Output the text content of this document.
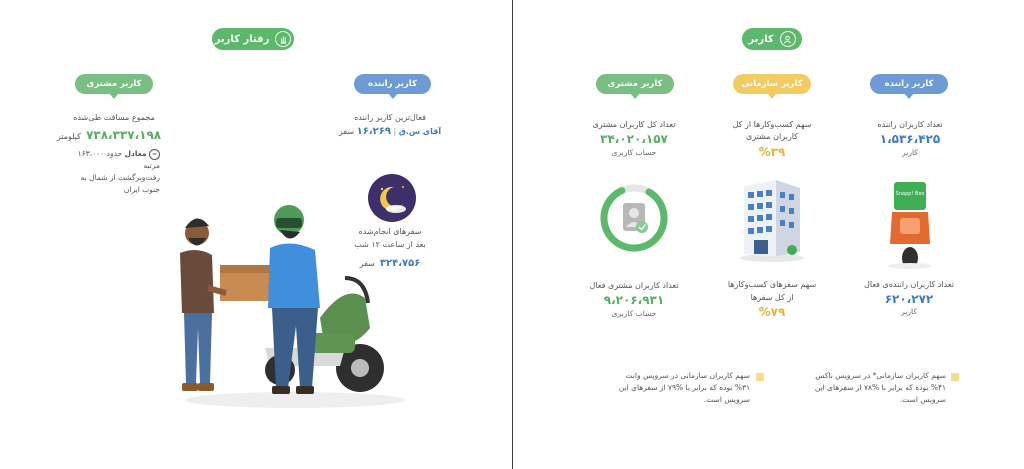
رفتار کاربر
کاربر راننده
کاربر مشتری
فعال‌ترین کاربر راننده
آقای س.ق | ۱۶،۲۶۹ سفر
مجموع مسافت طی‌شده
۷۳۸،۳۳۷،۱۹۸ کیلومتر
= معادل حدود ۱۶۳،۰۰۰ مرتبه
رفت‌وبرگشت از شمال به
جنوب ایران
سفرهای انجام‌شده
بعد از ساعت ۱۲ شب
۳۲۴،۷۵۶ سفر
کاربر
کاربر راننده
کاربر سازمانی
کاربر مشتری
تعداد کاربران راننده
۱،۵۳۶،۴۲۵
کاربر
سهم کسب‌وکارها از کل
کاربران مشتری
%۳۹
تعداد کل کاربران مشتری
۳۴،۰۲۰،۱۵۷
حساب کاربری
Snapp! Box
تعداد کاربران راننده‌ی فعال
۶۲۰،۲۷۲
کاربر
سهم سفرهای کسب‌وکارها
از کل سفرها
%۷۹
تعداد کاربران مشتری فعال
۹،۲۰۶،۹۳۱
حساب کاربری
سهم کاربران سازمانی* در سرویس باکس
%۴۱ بوده که برابر با %۷۸ از سفرهای این
سرویس است.
سهم کاربران سازمانی در سرویس وانت
%۳۱ بوده که برابر با %۷۹ از سفرهای این
سرویس است.
